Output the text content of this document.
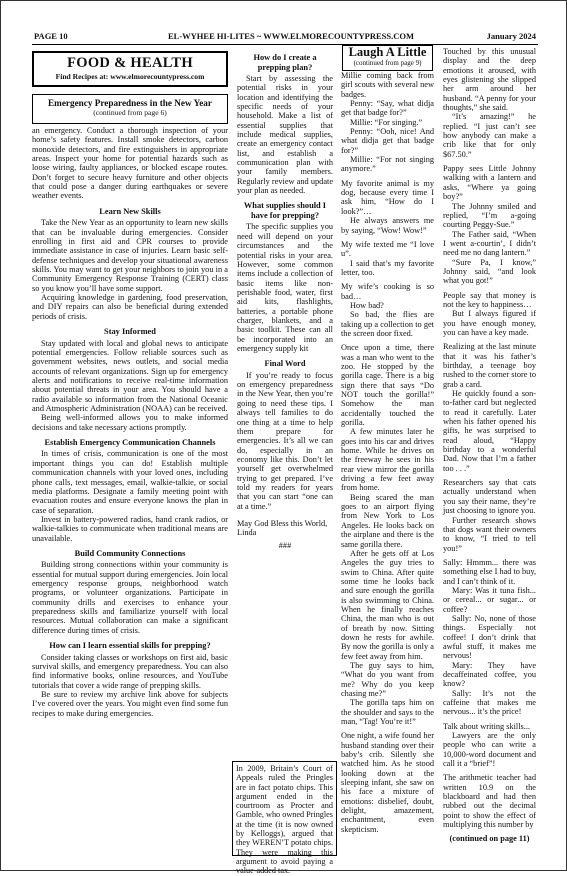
PAGE 10	EL-WYHEE HI-LITES ~ WWW.ELMORECOUNTYPRESS.COM	January 2024
FOOD & HEALTH
Find Recipes at: www.elmorecountypress.com
Emergency Preparedness in the New Year
(continued from page 6)

an emergency. Conduct a thorough inspection of your home’s safety features. Install smoke detectors, carbon monoxide detectors, and fire extinguishers in appropriate areas. Inspect your home for potential hazards such as loose wiring, faulty appliances, or blocked escape routes. Don’t forget to secure heavy furniture and other objects that could pose a danger during earthquakes or severe weather events.

Learn New Skills

Take the New Year as an opportunity to learn new skills that can be invaluable during emergencies. Consider enrolling in first aid and CPR courses to provide immediate assistance in case of injuries. Learn basic self-defense techniques and develop your situational awareness skills. You may want to get your neighbors to join you in a Community Emergency Response Training (CERT) class so you know you’ll have some support.

Acquiring knowledge in gardening, food preservation, and DIY repairs can also be beneficial during extended periods of crisis.

Stay Informed

Stay updated with local and global news to anticipate potential emergencies. Follow reliable sources such as government websites, news outlets, and social media accounts of relevant organizations. Sign up for emergency alerts and notifications to receive real-time information about potential threats in your area. You should have a radio available so information from the National Oceanic and Atmospheric Administration (NOAA) can be received.

Being well-informed allows you to make informed decisions and take necessary actions promptly.

Establish Emergency Communication Channels

In times of crisis, communication is one of the most important things you can do! Establish multiple communication channels with your loved ones, including phone calls, text messages, email, walkie-talkie, or social media platforms. Designate a family meeting point with evacuation routes and ensure everyone knows the plan in case of separation.

Invest in battery-powered radios, hand crank radios, or walkie-talkies to communicate when traditional means are unavailable.

Build Community Connections

Building strong connections within your community is essential for mutual support during emergencies. Join local emergency response groups, neighborhood watch programs, or volunteer organizations. Participate in community drills and exercises to enhance your preparedness skills and familiarize yourself with local resources. Mutual collaboration can make a significant difference during times of crisis.

How can I learn essential skills for prepping?

Consider taking classes or workshops on first aid, basic survival skills, and emergency preparedness. You can also find informative books, online resources, and YouTube tutorials that cover a wide range of prepping skills.

Be sure to review my archive link above for subjects I’ve covered over the years. You might even find some fun recipes to make during emergencies.

How do I create a prepping plan?

Start by assessing the potential risks in your location and identifying the specific needs of your household. Make a list of essential supplies that include medical supplies, create an emergency contact list, and establish a communication plan with your family members. Regularly review and update your plan as needed.

What supplies should I have for prepping?

The specific supplies you need will depend on your circumstances and the potential risks in your area. However, some common items include a collection of basic items like non-perishable food, water, first aid kits, flashlights, batteries, a portable phone charger, blankets, and a basic toolkit. These can all be incorporated into an emergency supply kit

Final Word

If you’re ready to focus on emergency preparedness in the New Year, then you’re going to need these tips. I always tell families to do one thing at a time to help them prepare for emergencies. It’s all we can do, especially in an economy like this. Don’t let yourself get overwhelmed trying to get prepared. I’ve told my readers for years that you can start “one can at a time.”

May God Bless this World,

Linda

###

In 2009, Britain’s Court of Appeals ruled the Pringles are in fact potato chips. This argument ended in the courtroom as Procter and Gamble, who owned Pringles at the time (it is now owned by Kelloggs), argued that they WEREN’T potato chips. They were making this argument to avoid paying a value-added tax.
Laugh A Little
(continued from page 9)

Millie coming back from girl scouts with several new badges.

Penny: “Say, what didja get that badge for?”

Millie: “For singing.”

Penny: “Ooh, nice! And what didja get that badge for?”

Millie: “For not singing anymore.”

My favorite animal is my dog, because every time I ask him, “How do I look?”…

He always answers me by saying, “Wow! Wow!”

My wife texted me “I love u”.

I said that’s my favorite letter, too.

My wife’s cooking is so bad…

How bad?

So bad, the flies are taking up a collection to get the screen door fixed.

Once upon a time, there was a man who went to the zoo. He stopped by the gorilla cage. There is a big sign there that says “Do NOT touch the gorilla!” Somehow the man accidentally touched the gorilla.

A few minutes later he goes into his car and drives home. While he drives on the freeway he sees in his rear view mirror the gorilla driving a few feet away from home.

Being scared the man goes to an airport flying from New York to Los Angeles. He looks back on the airplane and there is the same gorilla there.

After he gets off at Los Angeles the guy tries to swim to China. After quite some time he looks back and sure enough the gorilla is also swimming to China. When he finally reaches China, the man who is out of breath by now. Sitting down he rests for awhile. By now the gorilla is only a few feet away from him.

The guy says to him, “What do you want from me? Why do you keep chasing me?”

The gorilla taps him on the shoulder and says to the man, “Tag! You’re it!”

One night, a wife found her husband standing over their baby’s crib. Silently she watched him. As he stood looking down at the sleeping infant, she saw on his face a mixture of emotions: disbelief, doubt, delight, amazement, enchantment, even skepticism.

Touched by this unusual display and the deep emotions it aroused, with eyes glistening she slipped her arm around her husband. “A penny for your thoughts,” she said.

“It’s amazing!” he replied. “I just can’t see how anybody can make a crib like that for only $67.50.”

Pappy sees Little Johnny walking with a lantern and asks, “Where ya going boy?”

The Johnny smiled and replied, “I’m a-going courting Peggy-Sue.”

The Father said, “When I went a-courtin’, I didn’t need me no dang lantern.”

“Sure Pa, I know,” Johnny said, “and look what you got!”

People say that money is not the key to happiness…

But I always figured if you have enough money, you can have a key made.

Realizing at the last minute that it was his father’s birthday, a teenage boy rushed to the corner store to grab a card.

He quickly found a son-to-father card but neglected to read it carefully. Later when his father opened his gifts, he was surprised to read aloud, “Happy birthday to a wonderful Dad. Now that I’m a father too . . .”

Researchers say that cats actually understand when you say their name, they’re just choosing to ignore you.

Further research shows that dogs want their owners to know, “I tried to tell you!”

Sally: Hmmm... there was something else I had to buy, and I can’t think of it.

Mary: Was it tuna fish... or cereal... or sugar... or coffee?

Sally: No, none of those things. Especially not coffee! I don’t drink that awful stuff, it makes me nervous!

Mary: They have decaffeinated coffee, you know?

Sally: It’s not the caffeine that makes me nervous... it’s the price!

Talk about writing skills...

Lawyers are the only people who can write a 10,000-word document and call it a “brief”!

The arithmetic teacher had written 10.9 on the blackboard and had then rubbed out the decimal point to show the effect of multiplying this number by

(continued on page 11)
